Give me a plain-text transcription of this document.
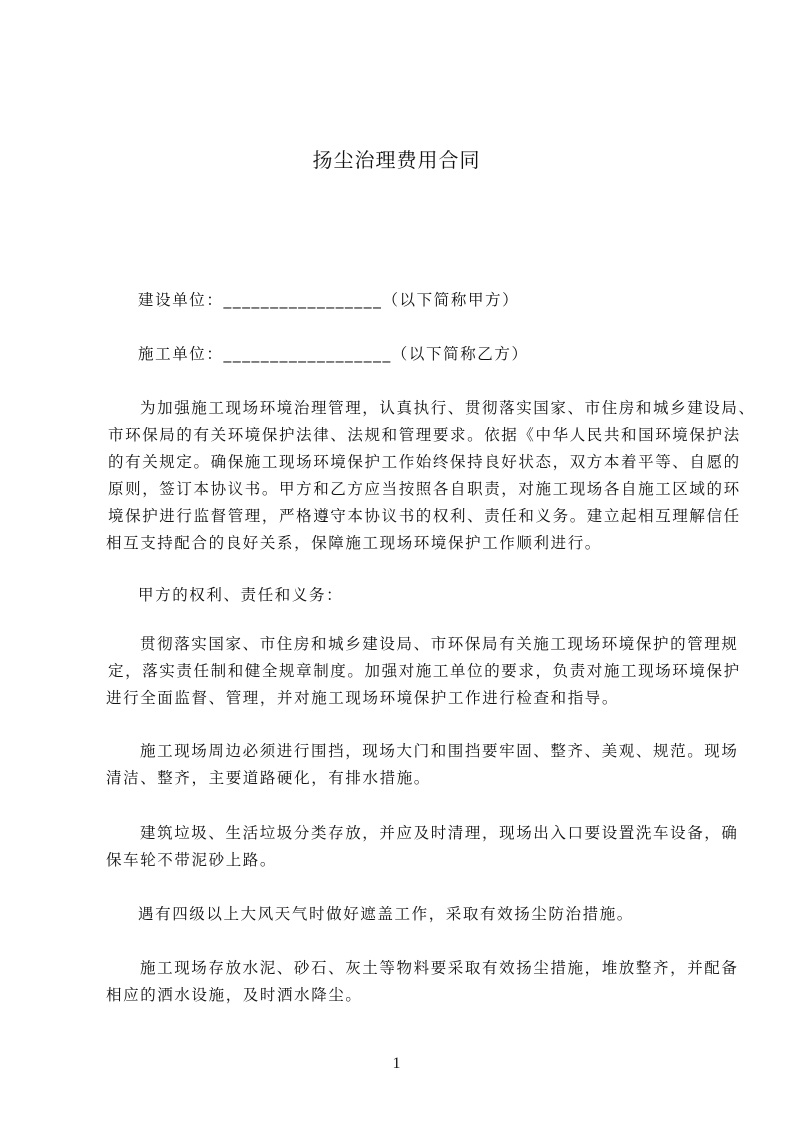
扬尘治理费用合同
建设单位：_________________（以下简称甲方）
施工单位：__________________（以下简称乙方）
为加强施工现场环境治理管理，认真执行、贯彻落实国家、市住房和城乡建设局、
市环保局的有关环境保护法律、法规和管理要求。依据《中华人民共和国环境保护法
的有关规定。确保施工现场环境保护工作始终保持良好状态，双方本着平等、自愿的
原则，签订本协议书。甲方和乙方应当按照各自职责，对施工现场各自施工区域的环
境保护进行监督管理，严格遵守本协议书的权利、责任和义务。建立起相互理解信任
相互支持配合的良好关系，保障施工现场环境保护工作顺利进行。
甲方的权利、责任和义务：
贯彻落实国家、市住房和城乡建设局、市环保局有关施工现场环境保护的管理规
定，落实责任制和健全规章制度。加强对施工单位的要求，负责对施工现场环境保护
进行全面监督、管理，并对施工现场环境保护工作进行检查和指导。
施工现场周边必须进行围挡，现场大门和围挡要牢固、整齐、美观、规范。现场
清洁、整齐，主要道路硬化，有排水措施。
建筑垃圾、生活垃圾分类存放，并应及时清理，现场出入口要设置洗车设备，确
保车轮不带泥砂上路。
遇有四级以上大风天气时做好遮盖工作，采取有效扬尘防治措施。
施工现场存放水泥、砂石、灰土等物料要采取有效扬尘措施，堆放整齐，并配备
相应的洒水设施，及时洒水降尘。
1
